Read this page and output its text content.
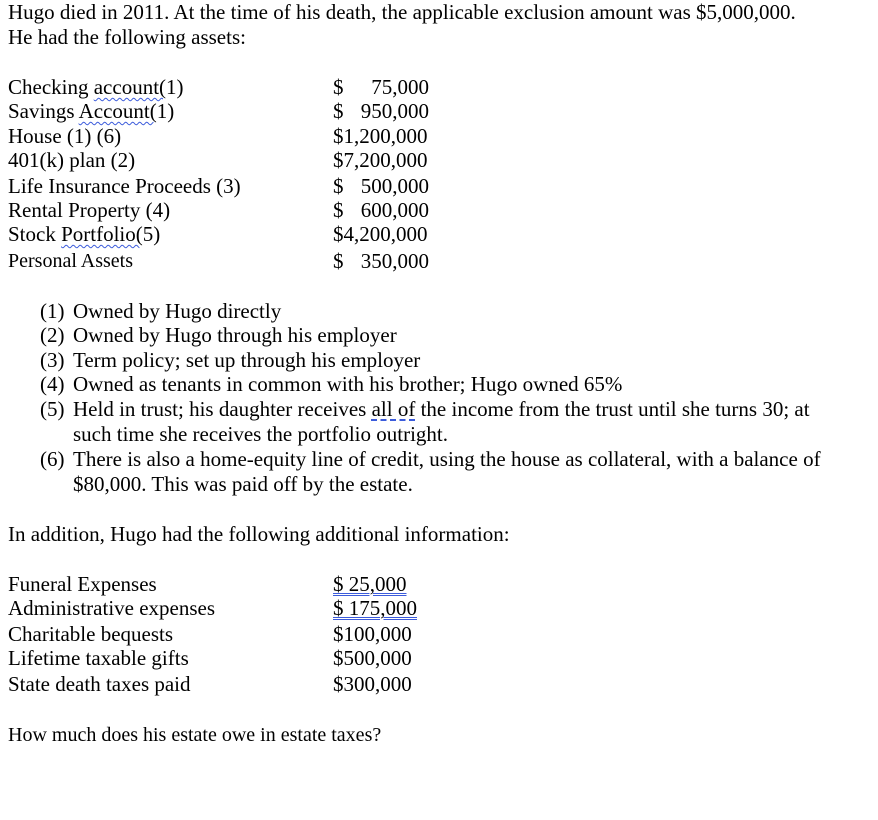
Hugo died in 2011. At the time of his death, the applicable exclusion amount was $5,000,000.
He had the following assets:
Checking account(1)
Savings Account(1)
House (1) (6)
401(k) plan (2)
Life Insurance Proceeds (3)
Rental Property (4)
Stock Portfolio(5)
Personal Assets
$ 75,000
$ 950,000
$1,200,000
$7,200,000
$ 500,000
$ 600,000
$4,200,000
$ 350,000
(1) Owned by Hugo directly
(2) Owned by Hugo through his employer
(3) Term policy; set up through his employer
(4) Owned as tenants in common with his brother; Hugo owned 65%
(5) Held in trust; his daughter receives all of the income from the trust until she turns 30; at
such time she receives the portfolio outright.
(6) There is also a home-equity line of credit, using the house as collateral, with a balance of
$80,000. This was paid off by the estate.
In addition, Hugo had the following additional information:
Funeral Expenses
Administrative expenses
Charitable bequests
Lifetime taxable gifts
State death taxes paid
$ 25,000
$ 175,000
$100,000
$500,000
$300,000
How much does his estate owe in estate taxes?
